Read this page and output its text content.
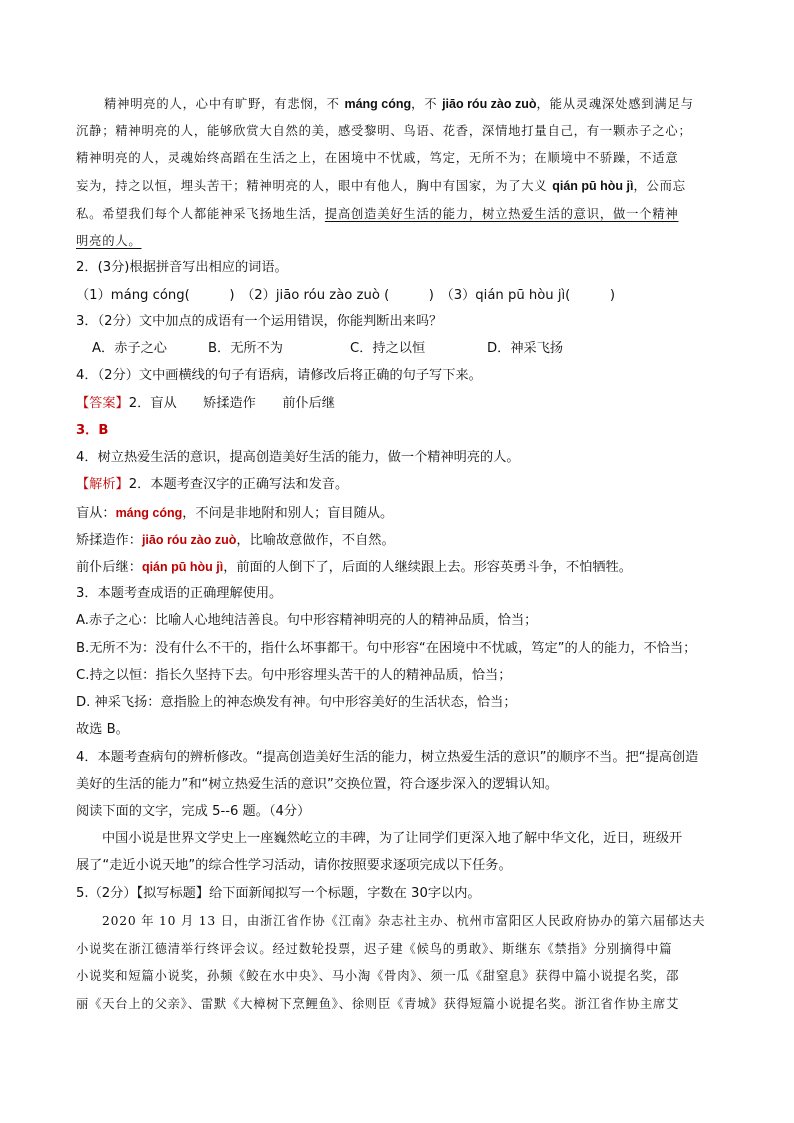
精神明亮的人，心中有旷野，有悲悯，不 máng cóng，不 jiāo róu zào zuò，能从灵魂深处感到满足与
沉静；精神明亮的人，能够欣赏大自然的美，感受黎明、鸟语、花香，深情地打量自己，有一颗赤子之心；
精神明亮的人，灵魂始终高蹈在生活之上，在困境中不忧戚，笃定，无所不为；在顺境中不骄躁，不适意
妄为，持之以恒，埋头苦干；精神明亮的人，眼中有他人，胸中有国家，为了大义 qián pū hòu jì，公而忘
私。希望我们每个人都能神采飞扬地生活，提高创造美好生活的能力，树立热爱生活的意识，做一个精神
明亮的人。
2．(3分)根据拼音写出相应的词语。
（1）máng cóng(　　　)　（2）jiāo róu zào zuò (　　　)　（3）qián pū hòu jì(　　　)
3．（2分）文中加点的成语有一个运用错误，你能判断出来吗？
A．赤子之心	B．无所不为	C．持之以恒	D．神采飞扬
4．（2分）文中画横线的句子有语病，请修改后将正确的句子写下来。
【答案】2．盲从　　矫揉造作　　前仆后继
3．B
4．树立热爱生活的意识，提高创造美好生活的能力，做一个精神明亮的人。
【解析】2．本题考查汉字的正确写法和发音。
盲从：máng cóng，不问是非地附和别人；盲目随从。
矫揉造作：jiāo róu zào zuò，比喻故意做作，不自然。
前仆后继：qián pū hòu jì，前面的人倒下了，后面的人继续跟上去。形容英勇斗争，不怕牺牲。
3．本题考查成语的正确理解使用。
A.赤子之心：比喻人心地纯洁善良。句中形容精神明亮的人的精神品质，恰当；
B.无所不为：没有什么不干的，指什么坏事都干。句中形容“在困境中不忧戚，笃定”的人的能力，不恰当；
C.持之以恒：指长久坚持下去。句中形容埋头苦干的人的精神品质，恰当；
D. 神采飞扬：意指脸上的神态焕发有神。句中形容美好的生活状态，恰当；
故选 B。
4．本题考查病句的辨析修改。“提高创造美好生活的能力，树立热爱生活的意识”的顺序不当。把“提高创造
美好的生活的能力”和“树立热爱生活的意识”交换位置，符合逐步深入的逻辑认知。
阅读下面的文字，完成 5--6 题。（4分）
中国小说是世界文学史上一座巍然屹立的丰碑，为了让同学们更深入地了解中华文化，近日，班级开
展了“走近小说天地”的综合性学习活动，请你按照要求逐项完成以下任务。
5.（2分）【拟写标题】给下面新闻拟写一个标题，字数在 30字以内。
2020 年 10 月 13 日，由浙江省作协《江南》杂志社主办、杭州市富阳区人民政府协办的第六届郁达夫
小说奖在浙江德清举行终评会议。经过数轮投票，迟子建《候鸟的勇敢》、斯继东《禁指》分别摘得中篇
小说奖和短篇小说奖，孙频《鲛在水中央》、马小淘《骨肉》、须一瓜《甜窒息》获得中篇小说提名奖，邵
丽《天台上的父亲》、雷默《大樟树下烹鲤鱼》、徐则臣《青城》获得短篇小说提名奖。浙江省作协主席艾
